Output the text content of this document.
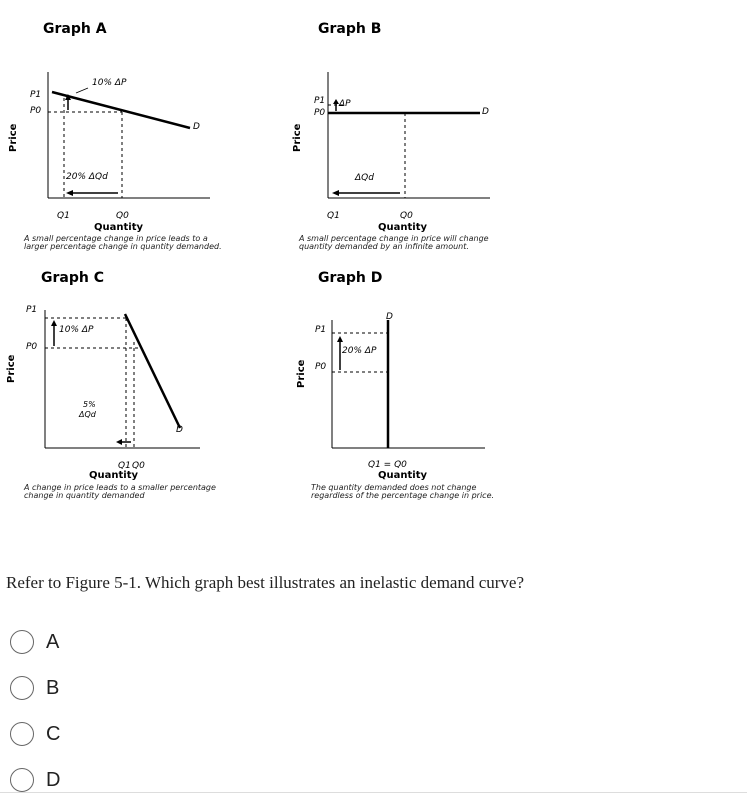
Graph A
Price
P1
P0
10% ΔP
D
20% ΔQd
Q1	Q0
Quantity
A small percentage change in price leads to a
larger percentage change in quantity demanded.
Graph B
Price
P1
P0
ΔP
D
ΔQd
Q1	Q0
Quantity
A small percentage change in price will change
quantity demanded by an infinite amount.
Graph C
Price
P1
P0
10% ΔP
5%
ΔQd
D
Q1 Q0
Quantity
A change in price leads to a smaller percentage
change in quantity demanded
Graph D
Price
P1
P0
20% ΔP
D
Q1 = Q0
Quantity
The quantity demanded does not change
regardless of the percentage change in price.
Refer to Figure 5-1. Which graph best illustrates an inelastic demand curve?
A
B
C
D
